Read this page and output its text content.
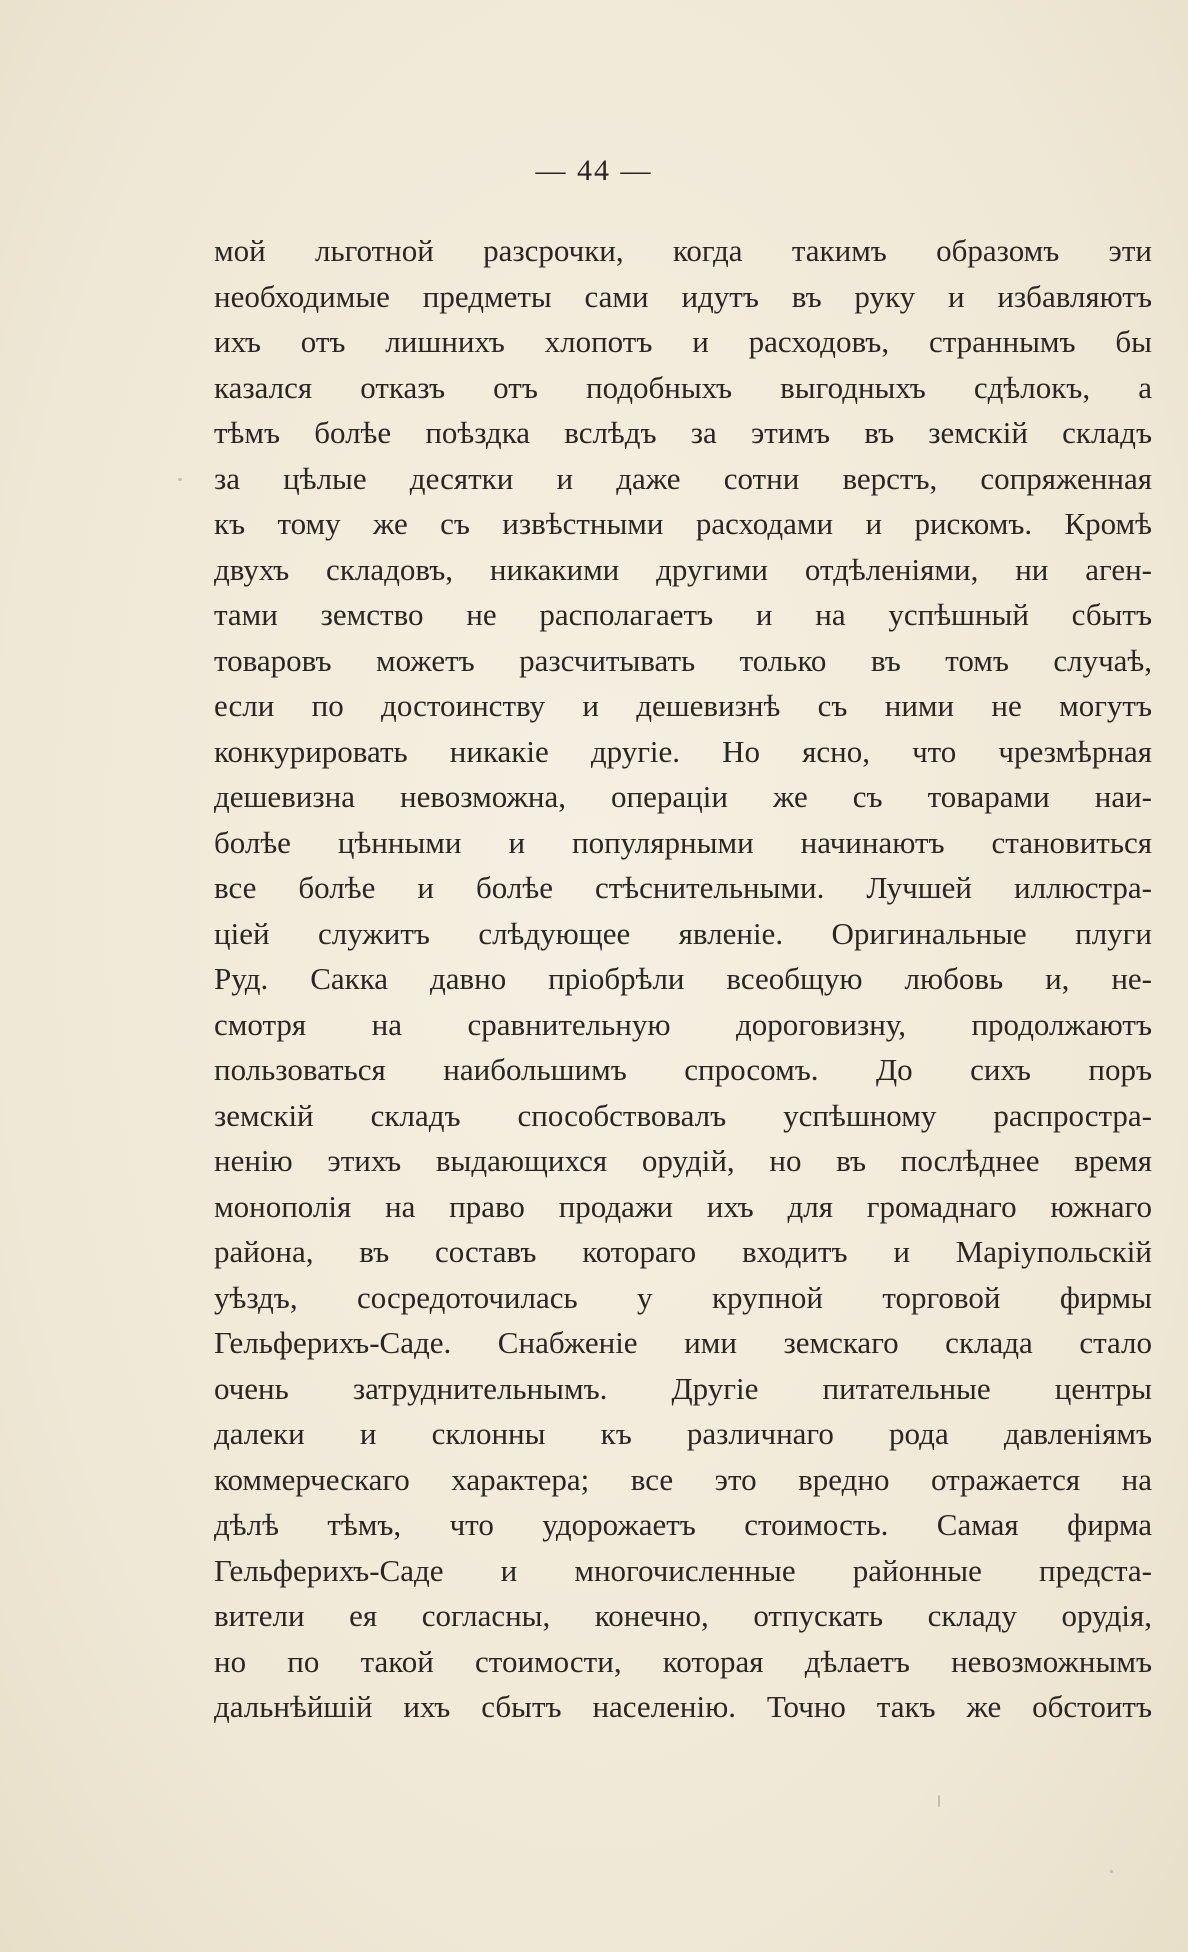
— 44 —
мой льготной разсрочки, когда такимъ образомъ эти
необходимые предметы сами идутъ въ руку и избавляютъ
ихъ отъ лишнихъ хлопотъ и расходовъ, страннымъ бы
казался отказъ отъ подобныхъ выгодныхъ сдѣлокъ, а
тѣмъ болѣе поѣздка вслѣдъ за этимъ въ земскій складъ
за цѣлые десятки и даже сотни верстъ, сопряженная
къ тому же съ извѣстными расходами и рискомъ. Кромѣ
двухъ складовъ, никакими другими отдѣленіями, ни аген-
тами земство не располагаетъ и на успѣшный сбытъ
товаровъ можетъ разсчитывать только въ томъ случаѣ,
если по достоинству и дешевизнѣ съ ними не могутъ
конкурировать никакіе другіе. Но ясно, что чрезмѣрная
дешевизна невозможна, операціи же съ товарами наи-
болѣе цѣнными и популярными начинаютъ становиться
все болѣе и болѣе стѣснительными. Лучшей иллюстра-
ціей служитъ слѣдующее явленіе. Оригинальные плуги
Руд. Сакка давно пріобрѣли всеобщую любовь и, не-
смотря на сравнительную дороговизну, продолжаютъ
пользоваться наибольшимъ спросомъ. До сихъ поръ
земскій складъ способствовалъ успѣшному распростра-
ненію этихъ выдающихся орудій, но въ послѣднее время
монополія на право продажи ихъ для громаднаго южнаго
района, въ составъ котораго входитъ и Маріупольскій
уѣздъ, сосредоточилась у крупной торговой фирмы
Гельферихъ-Саде. Снабженіе ими земскаго склада стало
очень затруднительнымъ. Другіе питательные центры
далеки и склонны къ различнаго рода давленіямъ
коммерческаго характера; все это вредно отражается на
дѣлѣ тѣмъ, что удорожаетъ стоимость. Самая фирма
Гельферихъ-Саде и многочисленные районные предста-
вители ея согласны, конечно, отпускать складу орудія,
но по такой стоимости, которая дѣлаетъ невозможнымъ
дальнѣйшій ихъ сбытъ населенію. Точно такъ же обстоитъ
